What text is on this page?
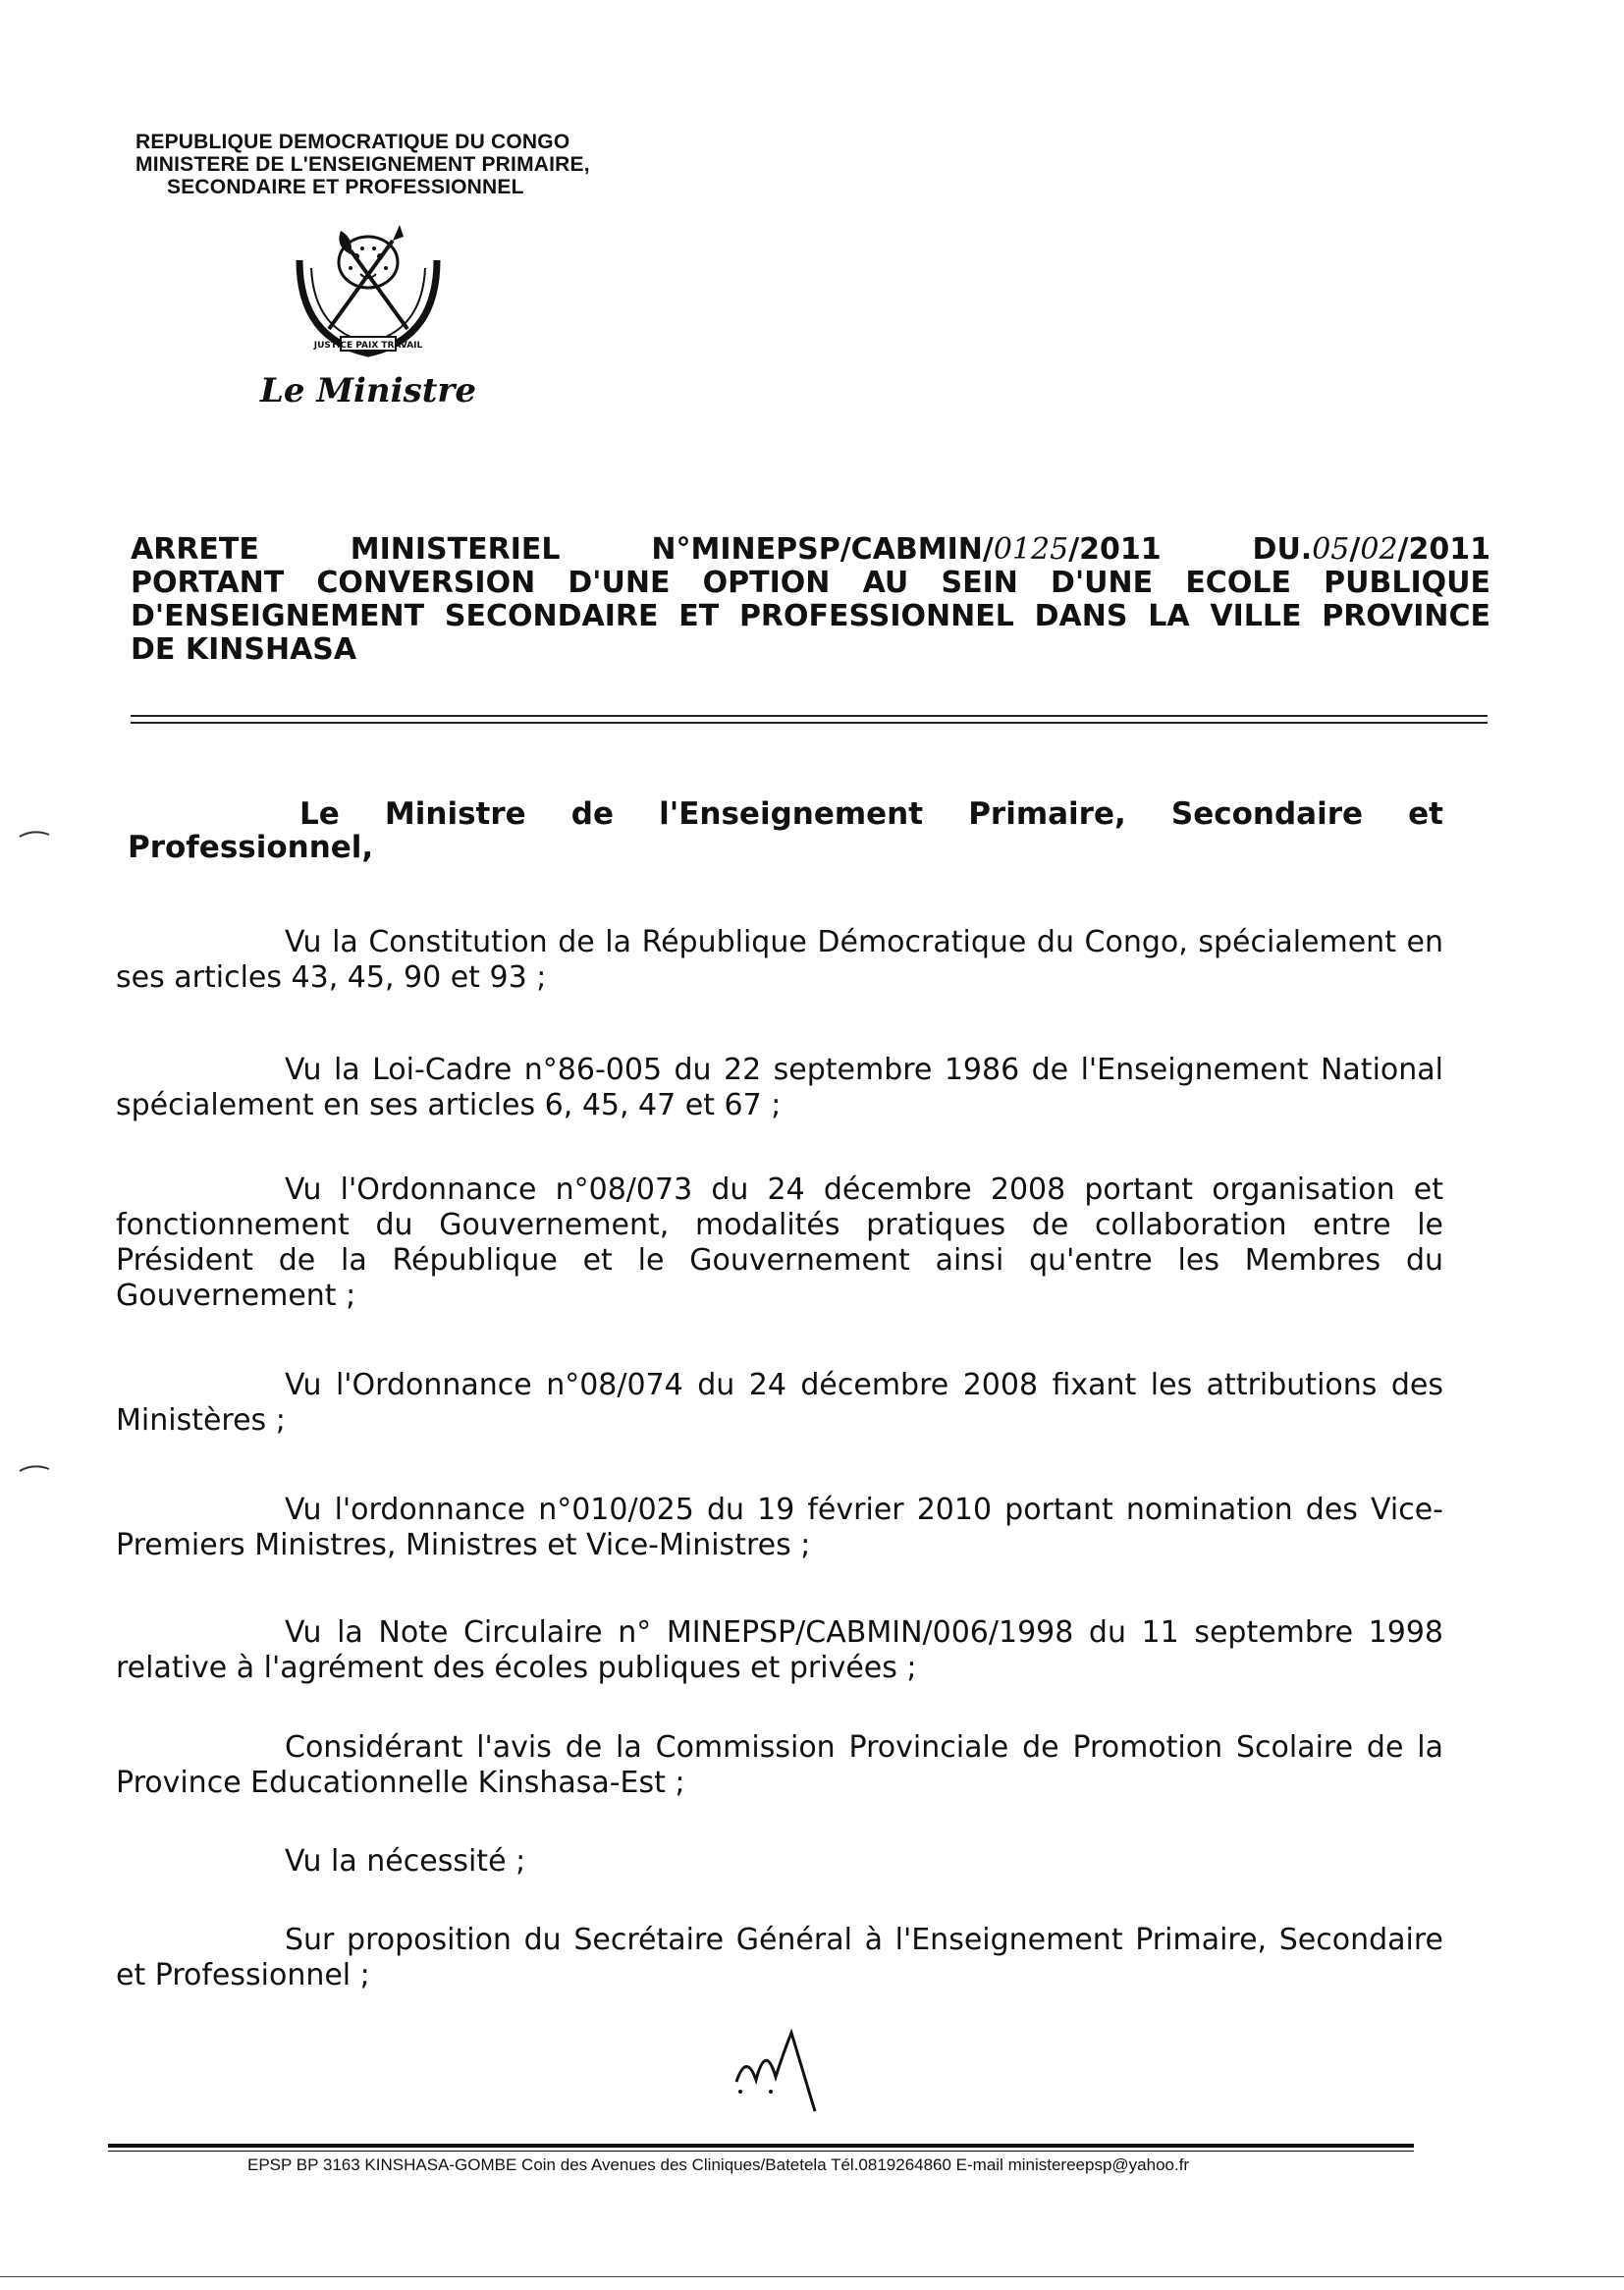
REPUBLIQUE DEMOCRATIQUE DU CONGO
MINISTERE DE L'ENSEIGNEMENT PRIMAIRE,
SECONDAIRE ET PROFESSIONNEL
JUSTICE PAIX TRAVAIL
Le Ministre
ARRETE MINISTERIEL N°MINEPSP/CABMIN/0125/2011 DU.05/02/2011
PORTANT CONVERSION D'UNE OPTION AU SEIN D'UNE ECOLE PUBLIQUE
D'ENSEIGNEMENT SECONDAIRE ET PROFESSIONNEL DANS LA VILLE PROVINCE
DE KINSHASA
Le Ministre de l'Enseignement Primaire, Secondaire et
Professionnel,
Vu la Constitution de la République Démocratique du Congo, spécialement en ses articles 43, 45, 90 et 93 ;
Vu la Loi-Cadre n°86-005 du 22 septembre 1986 de l'Enseignement National spécialement en ses articles 6, 45, 47 et 67 ;
Vu l'Ordonnance n°08/073 du 24 décembre 2008 portant organisation et fonctionnement du Gouvernement, modalités pratiques de collaboration entre le Président de la République et le Gouvernement ainsi qu'entre les Membres du Gouvernement ;
Vu l'Ordonnance n°08/074 du 24 décembre 2008 fixant les attributions des Ministères ;
Vu l'ordonnance n°010/025 du 19 février 2010 portant nomination des Vice-Premiers Ministres, Ministres et Vice-Ministres ;
Vu la Note Circulaire n° MINEPSP/CABMIN/006/1998 du 11 septembre 1998 relative à l'agrément des écoles publiques et privées ;
Considérant l'avis de la Commission Provinciale de Promotion Scolaire de la Province Educationnelle Kinshasa-Est ;
Vu la nécessité ;
Sur proposition du Secrétaire Général à l'Enseignement Primaire, Secondaire et Professionnel ;
EPSP BP 3163 KINSHASA-GOMBE Coin des Avenues des Cliniques/Batetela Tél.0819264860 E-mail ministereepsp@yahoo.fr
